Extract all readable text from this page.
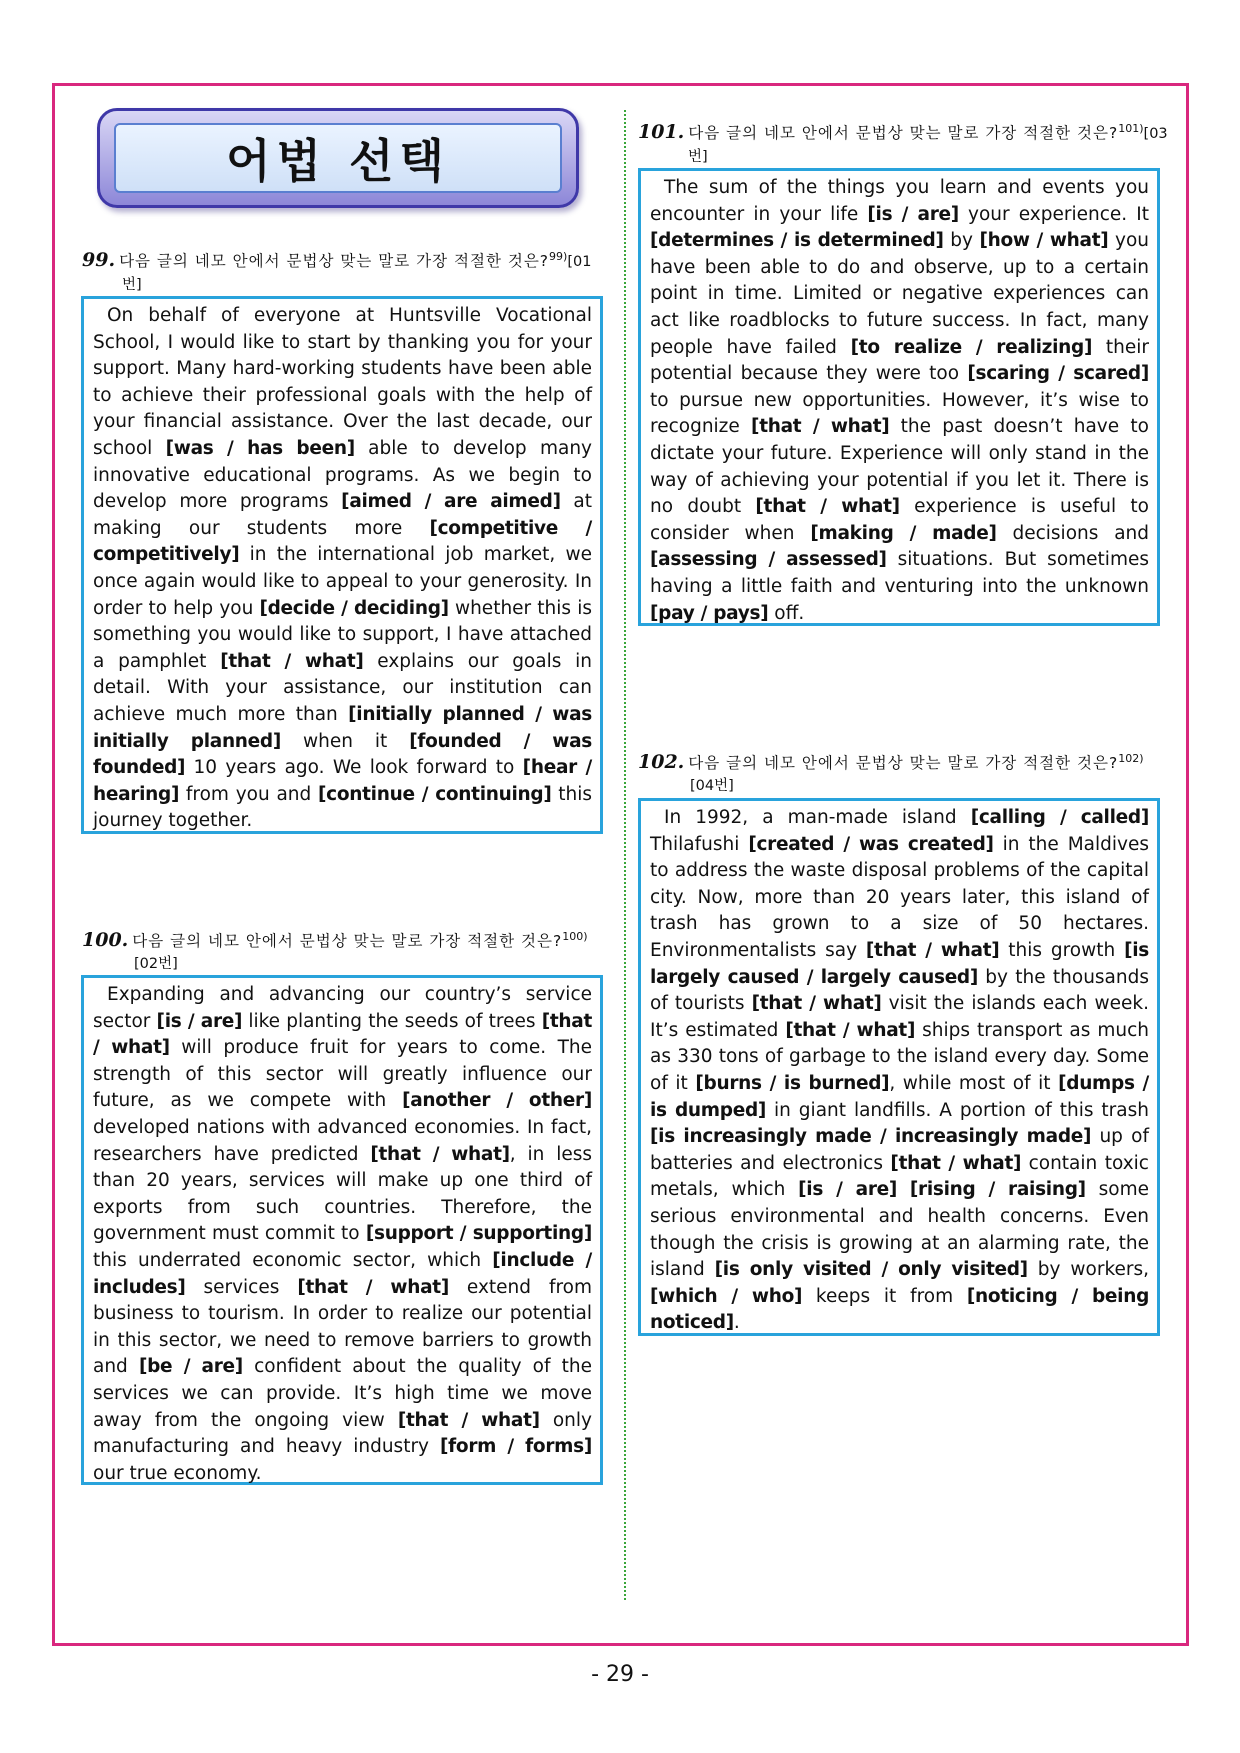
어법 선택
99. 다음 글의 네모 안에서 문법상 맞는 말로 가장 적절한 것은?$^{99)}$[01
번]

On behalf of everyone at Huntsville Vocational School, I would like to start by thanking you for your support. Many hard-working students have been able to achieve their professional goals with the help of your financial assistance. Over the last decade, our school [was / has been] able to develop many innovative educational programs. As we begin to develop more programs [aimed / are aimed] at making our students more [competitive / competitively] in the international job market, we once again would like to appeal to your generosity. In order to help you [decide / deciding] whether this is something you would like to support, I have attached a pamphlet [that / what] explains our goals in detail. With your assistance, our institution can achieve much more than [initially planned / was initially planned] when it [founded / was founded] 10 years ago. We look forward to [hear / hearing] from you and [continue / continuing] this journey together.

100. 다음 글의 네모 안에서 문법상 맞는 말로 가장 적절한 것은?$^{100)}$
[02번]

Expanding and advancing our country’s service sector [is / are] like planting the seeds of trees [that / what] will produce fruit for years to come. The strength of this sector will greatly influence our future, as we compete with [another / other] developed nations with advanced economies. In fact, researchers have predicted [that / what], in less than 20 years, services will make up one third of exports from such countries. Therefore, the government must commit to [support / supporting] this underrated economic sector, which [include / includes] services [that / what] extend from business to tourism. In order to realize our potential in this sector, we need to remove barriers to growth and [be / are] confident about the quality of the services we can provide. It’s high time we move away from the ongoing view [that / what] only manufacturing and heavy industry [form / forms] our true economy.

101. 다음 글의 네모 안에서 문법상 맞는 말로 가장 적절한 것은?$^{101)}$[03
번]

The sum of the things you learn and events you encounter in your life [is / are] your experience. It [determines / is determined] by [how / what] you have been able to do and observe, up to a certain point in time. Limited or negative experiences can act like roadblocks to future success. In fact, many people have failed [to realize / realizing] their potential because they were too [scaring / scared] to pursue new opportunities. However, it’s wise to recognize [that / what] the past doesn’t have to dictate your future. Experience will only stand in the way of achieving your potential if you let it. There is no doubt [that / what] experience is useful to consider when [making / made] decisions and [assessing / assessed] situations. But sometimes having a little faith and venturing into the unknown [pay / pays] off.

102. 다음 글의 네모 안에서 문법상 맞는 말로 가장 적절한 것은?$^{102)}$
[04번]

In 1992, a man-made island [calling / called] Thilafushi [created / was created] in the Maldives to address the waste disposal problems of the capital city. Now, more than 20 years later, this island of trash has grown to a size of 50 hectares. Environmentalists say [that / what] this growth [is largely caused / largely caused] by the thousands of tourists [that / what] visit the islands each week. It’s estimated [that / what] ships transport as much as 330 tons of garbage to the island every day. Some of it [burns / is burned], while most of it [dumps / is dumped] in giant landfills. A portion of this trash [is increasingly made / increasingly made] up of batteries and electronics [that / what] contain toxic metals, which [is / are] [rising / raising] some serious environmental and health concerns. Even though the crisis is growing at an alarming rate, the island [is only visited / only visited] by workers, [which / who] keeps it from [noticing / being noticed].

- 29 -
